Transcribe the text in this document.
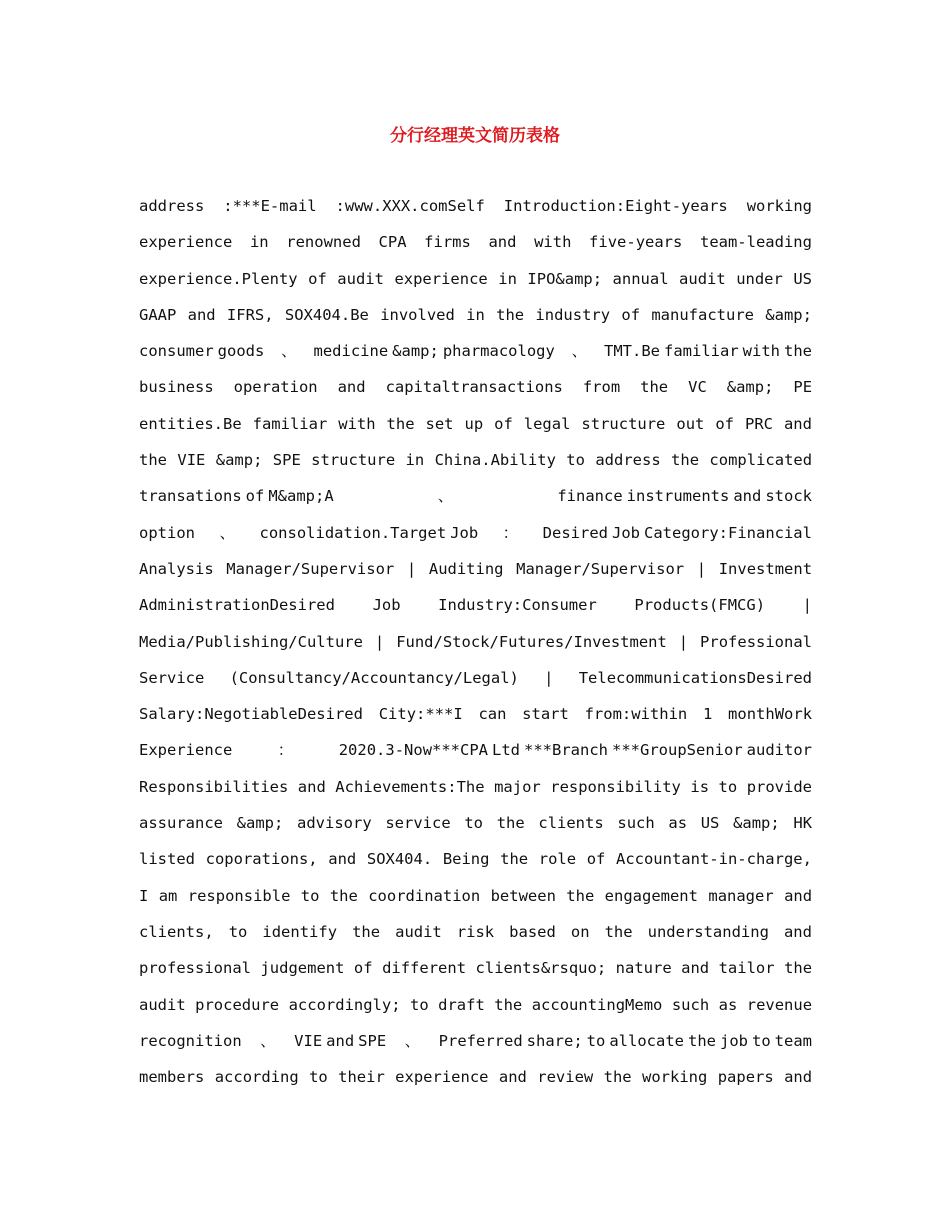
分行经理英文简历表格
address :***E-mail :www.XXX.comSelf Introduction:Eight-years working
experience in renowned CPA firms and with five-years team-leading
experience.Plenty of audit experience in IPO&amp; annual audit under US
GAAP and IFRS, SOX404.Be involved in the industry of manufacture &amp;
consumer goods、medicine &amp; pharmacology、TMT.Be familiar with the
business operation and capitaltransactions from the VC &amp; PE
entities.Be familiar with the set up of legal structure out of PRC and
the VIE &amp; SPE structure in China.Ability to address the complicated
transations of M&amp;A 、 finance instruments and stock
option 、 consolidation.Target Job ： Desired Job Category:Financial
Analysis Manager/Supervisor | Auditing Manager/Supervisor | Investment
AdministrationDesired Job Industry:Consumer Products(FMCG) |
Media/Publishing/Culture | Fund/Stock/Futures/Investment | Professional
Service (Consultancy/Accountancy/Legal) | TelecommunicationsDesired
Salary:NegotiableDesired City:***I can start from:within 1 monthWork
Experience ： 2020.3-Now***CPA Ltd ***Branch ***GroupSenior auditor
Responsibilities and Achievements:The major responsibility is to provide
assurance &amp; advisory service to the clients such as US &amp; HK
listed coporations, and SOX404. Being the role of Accountant-in-charge,
I am responsible to the coordination between the engagement manager and
clients, to identify the audit risk based on the understanding and
professional judgement of different clients&rsquo; nature and tailor the
audit procedure accordingly; to draft the accountingMemo such as revenue
recognition、VIE and SPE、Preferred share; to allocate the job to team
members according to their experience and review the working papers and
